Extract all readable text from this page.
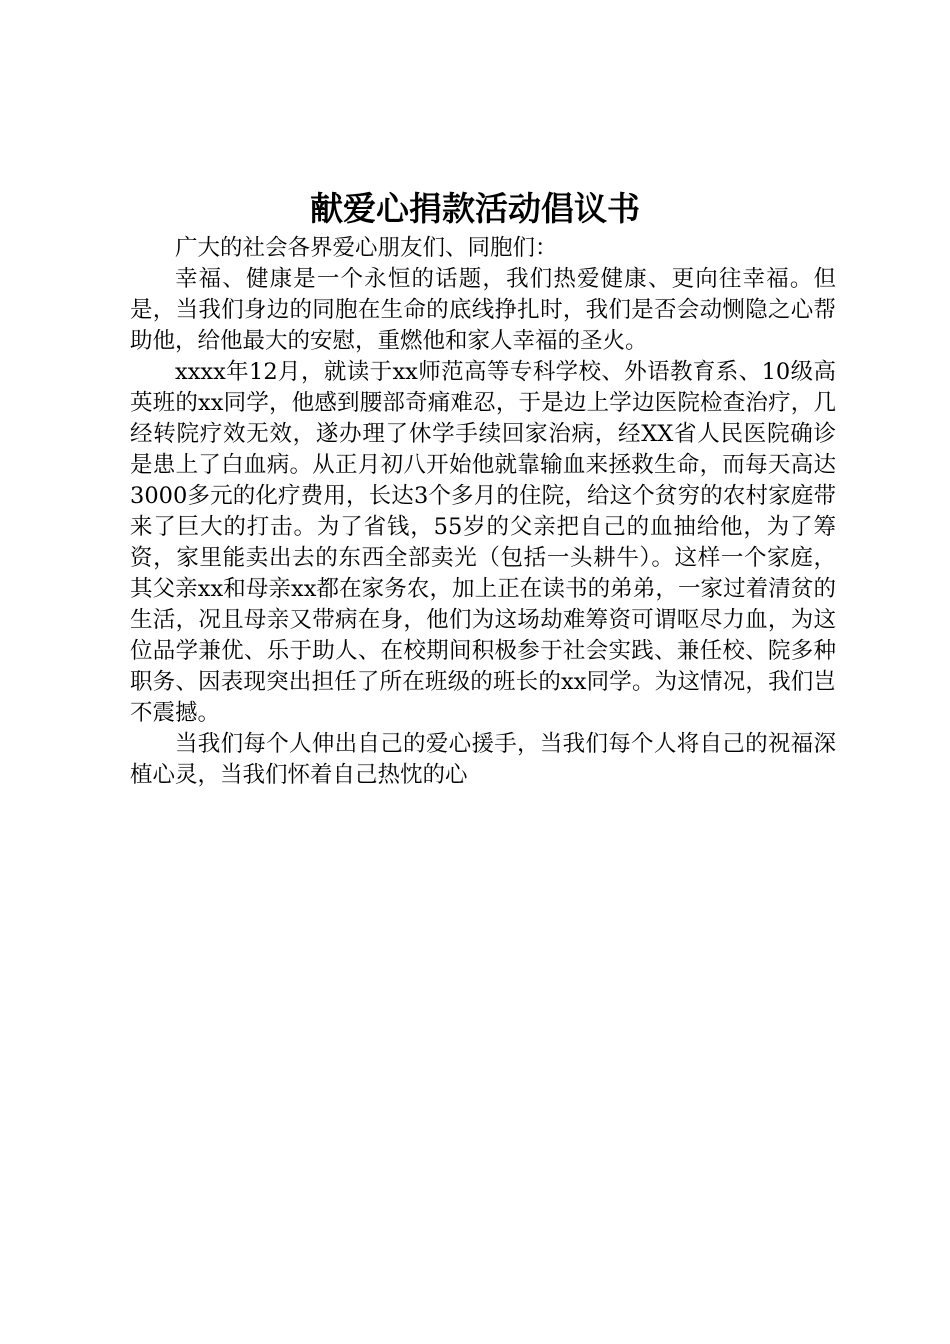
献爱心捐款活动倡议书

广大的社会各界爱心朋友们、同胞们：

幸福、健康是一个永恒的话题，我们热爱健康、更向往幸福。但是，当我们身边的同胞在生命的底线挣扎时，我们是否会动恻隐之心帮助他，给他最大的安慰，重燃他和家人幸福的圣火。

xxxx年12月，就读于xx师范高等专科学校、外语教育系、10级高英班的xx同学，他感到腰部奇痛难忍，于是边上学边医院检查治疗，几经转院疗效无效，遂办理了休学手续回家治病，经XX省人民医院确诊是患上了白血病。从正月初八开始他就靠输血来拯救生命，而每天高达3000多元的化疗费用，长达3个多月的住院，给这个贫穷的农村家庭带来了巨大的打击。为了省钱，55岁的父亲把自己的血抽给他，为了筹资，家里能卖出去的东西全部卖光（包括一头耕牛）。这样一个家庭，其父亲xx和母亲xx都在家务农，加上正在读书的弟弟，一家过着清贫的生活，况且母亲又带病在身，他们为这场劫难筹资可谓呕尽力血，为这位品学兼优、乐于助人、在校期间积极参于社会实践、兼任校、院多种职务、因表现突出担任了所在班级的班长的xx同学。为这情况，我们岂不震撼。

当我们每个人伸出自己的爱心援手，当我们每个人将自己的祝福深植心灵，当我们怀着自己热忱的心
